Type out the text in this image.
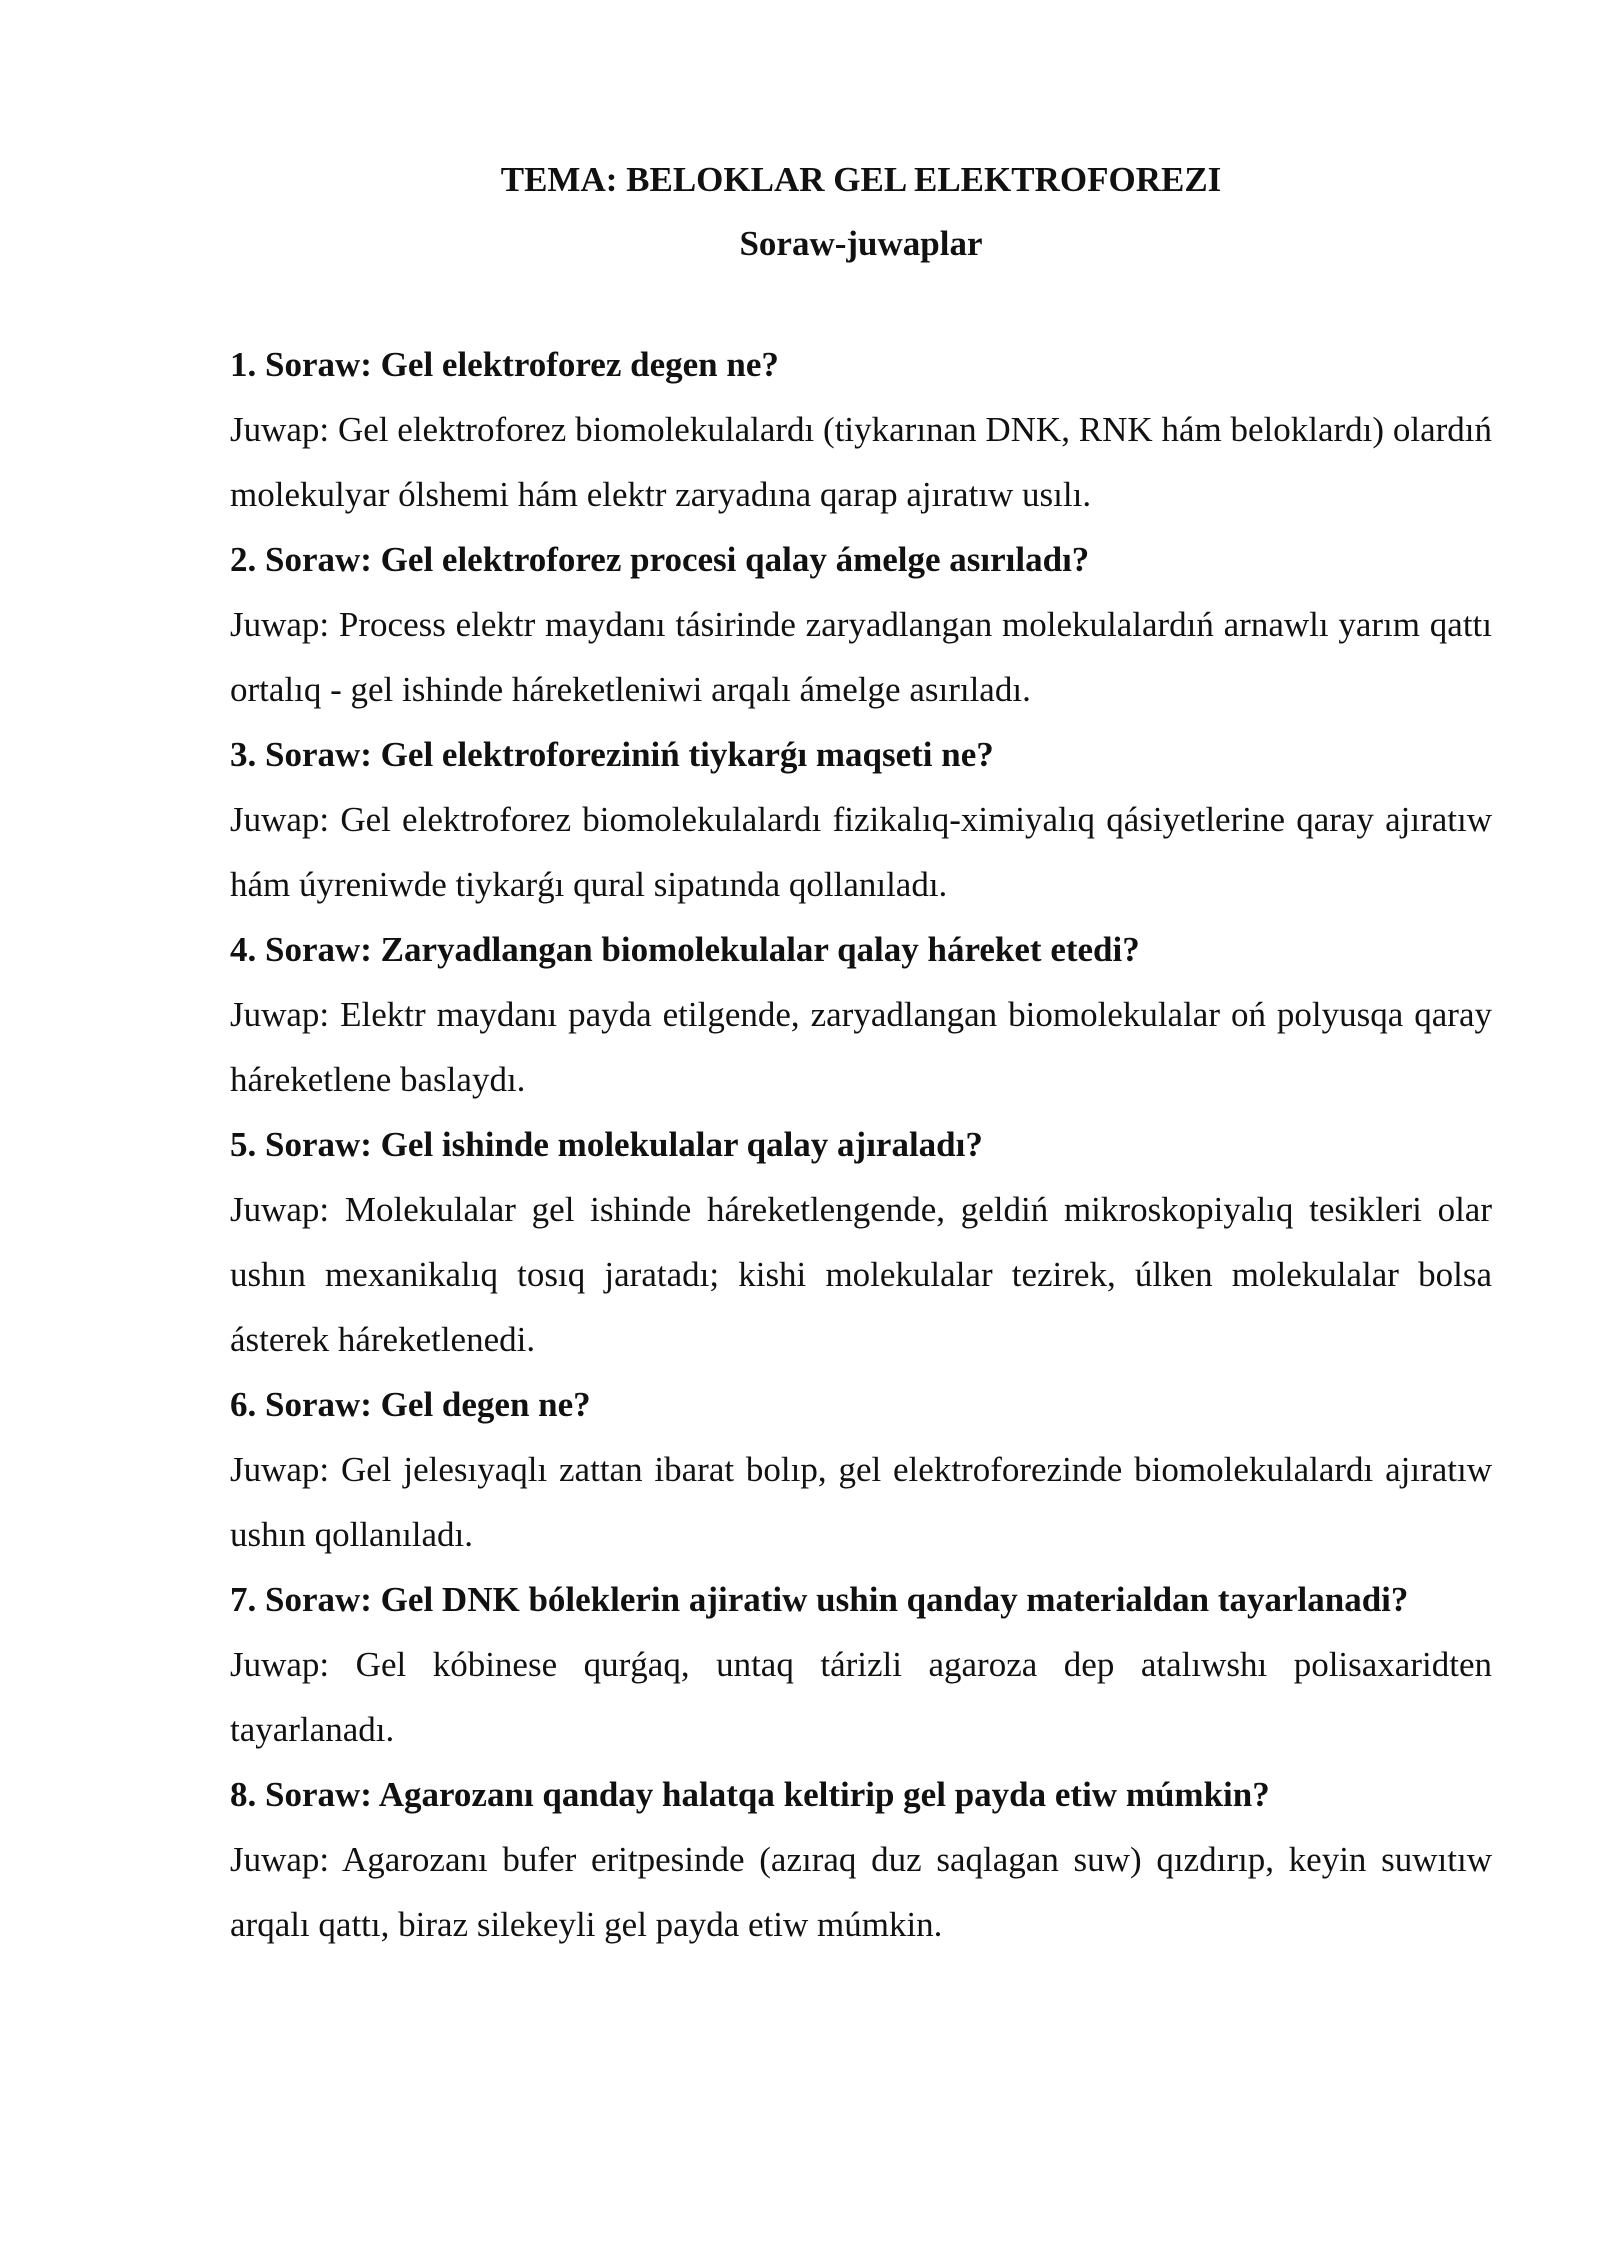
TEMA: BELOKLAR GEL ELEKTROFOREZI
Soraw-juwaplar

1. Soraw: Gel elektroforez degen ne?

Juwap: Gel elektroforez biomolekulalardı (tiykarınan DNK, RNK hám beloklardı) olardıń molekulyar ólshemi hám elektr zaryadına qarap ajıratıw usılı.

2. Soraw: Gel elektroforez procesi qalay ámelge asırıladı?

Juwap: Process elektr maydanı tásirinde zaryadlangan molekulalardıń arnawlı yarım qattı ortalıq - gel ishinde háreketleniwi arqalı ámelge asırıladı.

3. Soraw: Gel elektroforeziniń tiykarǵı maqseti ne?

Juwap: Gel elektroforez biomolekulalardı fizikalıq-ximiyalıq qásiyetlerine qaray ajıratıw hám úyreniwde tiykarǵı qural sipatında qollanıladı.

4. Soraw: Zaryadlangan biomolekulalar qalay háreket etedi?

Juwap: Elektr maydanı payda etilgende, zaryadlangan biomolekulalar oń polyusqa qaray háreketlene baslaydı.

5. Soraw: Gel ishinde molekulalar qalay ajıraladı?

Juwap: Molekulalar gel ishinde háreketlengende, geldiń mikroskopiyalıq tesikleri olar ushın mexanikalıq tosıq jaratadı; kishi molekulalar tezirek, úlken molekulalar bolsa ásterek háreketlenedi.

6. Soraw: Gel degen ne?

Juwap: Gel jelesıyaqlı zattan ibarat bolıp, gel elektroforezinde biomolekulalardı ajıratıw ushın qollanıladı.

7. Soraw: Gel DNK bóleklerin ajiratiw ushin qanday materialdan tayarlanadi?

Juwap: Gel kóbinese qurǵaq, untaq tárizli agaroza dep atalıwshı polisaxaridten tayarlanadı.

8. Soraw: Agarozanı qanday halatqa keltirip gel payda etiw múmkin?

Juwap: Agarozanı bufer eritpesinde (azıraq duz saqlagan suw) qızdırıp, keyin suwıtıw arqalı qattı, biraz silekeyli gel payda etiw múmkin.
